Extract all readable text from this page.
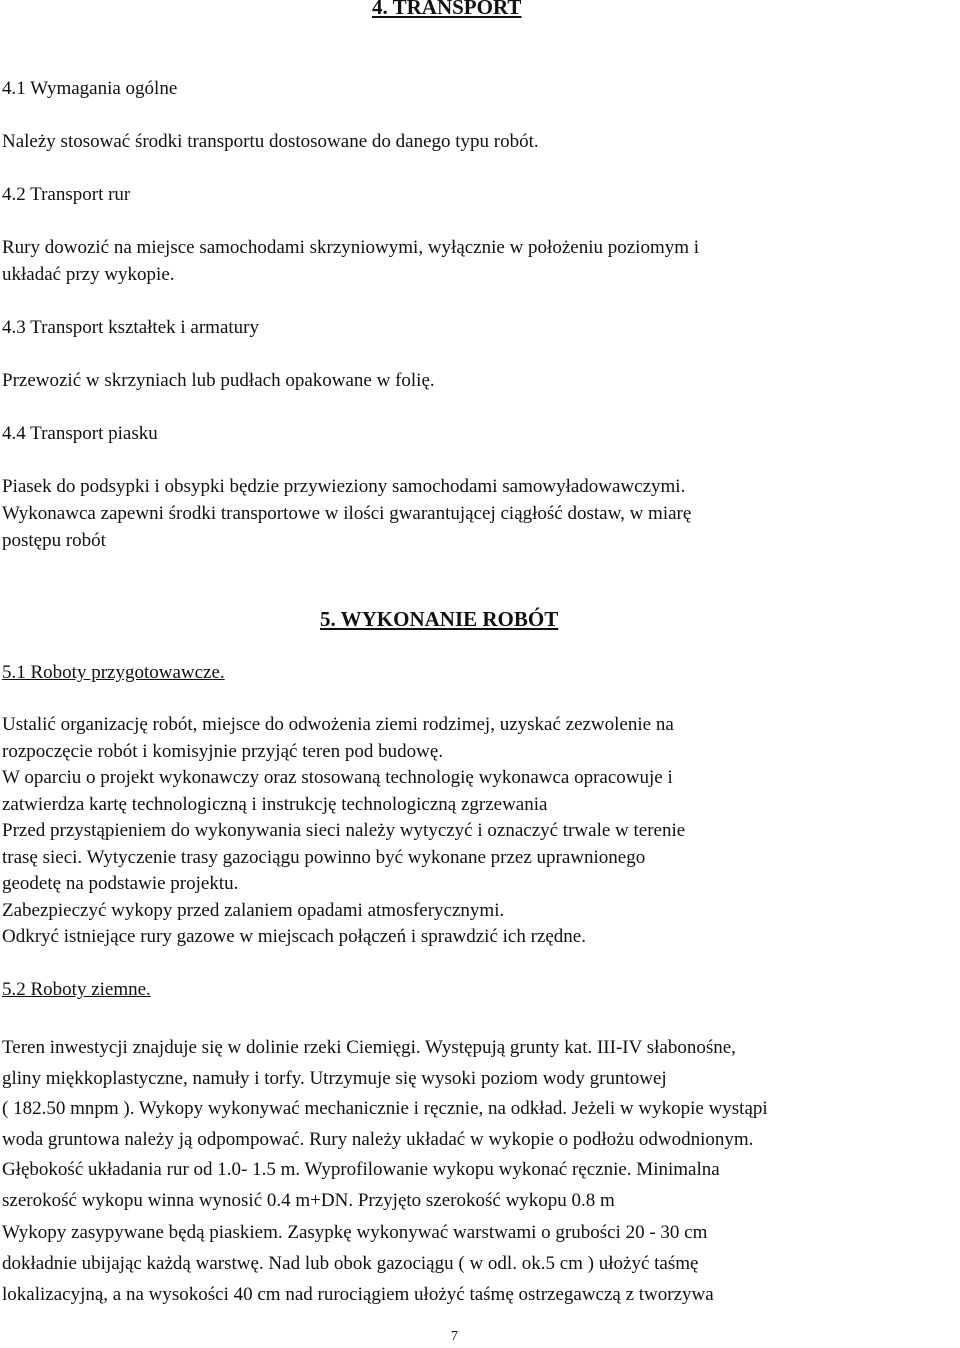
4. TRANSPORT

4.1 Wymagania ogólne

Należy stosować środki transportu dostosowane do danego typu robót.

4.2 Transport rur

Rury dowozić na miejsce samochodami skrzyniowymi, wyłącznie w położeniu poziomym i

układać przy wykopie.

4.3 Transport kształtek i armatury

Przewozić w skrzyniach lub pudłach opakowane w folię.

4.4 Transport piasku

Piasek do podsypki i obsypki będzie przywieziony samochodami samowyładowawczymi.

Wykonawca zapewni środki transportowe w ilości gwarantującej ciągłość dostaw, w miarę

postępu robót

5. WYKONANIE ROBÓT

5.1 Roboty przygotowawcze.

Ustalić organizację robót, miejsce do odwożenia ziemi rodzimej, uzyskać zezwolenie na

rozpoczęcie robót i komisyjnie przyjąć teren pod budowę.

W oparciu o projekt wykonawczy oraz stosowaną technologię wykonawca opracowuje i

zatwierdza kartę technologiczną i instrukcję technologiczną zgrzewania

Przed przystąpieniem do wykonywania sieci należy wytyczyć i oznaczyć trwale w terenie

trasę sieci. Wytyczenie trasy gazociągu powinno być wykonane przez uprawnionego

geodetę na podstawie projektu.

Zabezpieczyć wykopy przed zalaniem opadami atmosferycznymi.

Odkryć istniejące rury gazowe w miejscach połączeń i sprawdzić ich rzędne.

5.2 Roboty ziemne.

Teren inwestycji znajduje się w dolinie rzeki Ciemięgi. Występują grunty kat. III-IV słabonośne,

gliny miękkoplastyczne, namuły i torfy. Utrzymuje się wysoki poziom wody gruntowej

( 182.50 mnpm ). Wykopy wykonywać mechanicznie i ręcznie, na odkład. Jeżeli w wykopie wystąpi

woda gruntowa należy ją odpompować. Rury należy układać w wykopie o podłożu odwodnionym.

Głębokość układania rur od 1.0- 1.5 m. Wyprofilowanie wykopu wykonać ręcznie. Minimalna

szerokość wykopu winna wynosić 0.4 m+DN. Przyjęto szerokość wykopu 0.8 m

Wykopy zasypywane będą piaskiem. Zasypkę wykonywać warstwami o grubości 20 - 30 cm

dokładnie ubijając każdą warstwę. Nad lub obok gazociągu ( w odl. ok.5 cm ) ułożyć taśmę

lokalizacyjną, a na wysokości 40 cm nad rurociągiem ułożyć taśmę ostrzegawczą z tworzywa

7
